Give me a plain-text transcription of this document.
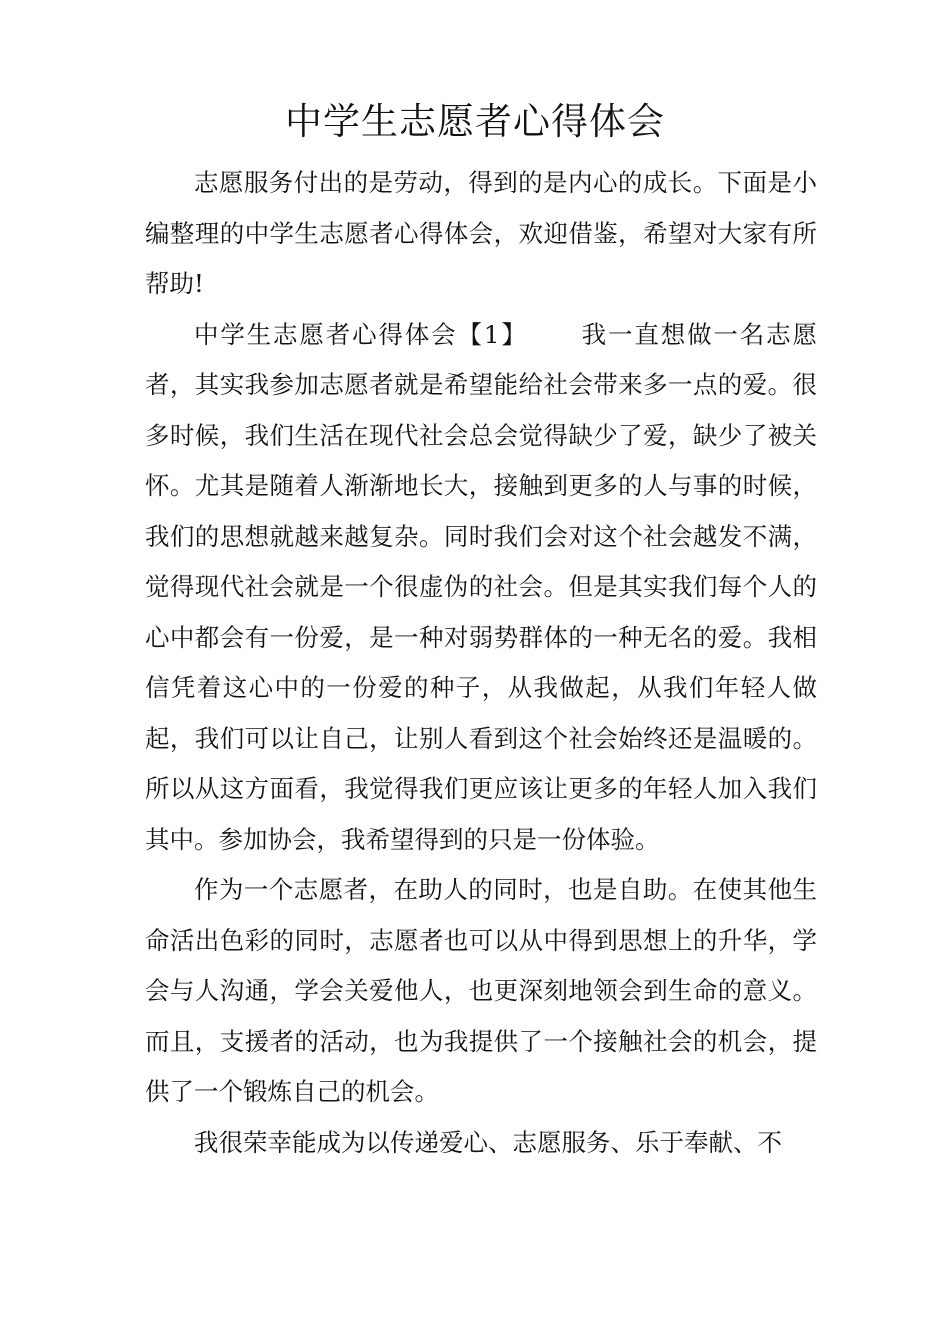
中学生志愿者心得体会

志愿服务付出的是劳动，得到的是内心的成长。下面是小编整理的中学生志愿者心得体会，欢迎借鉴，希望对大家有所帮助!

中学生志愿者心得体会【1】 我一直想做一名志愿者，其实我参加志愿者就是希望能给社会带来多一点的爱。很多时候，我们生活在现代社会总会觉得缺少了爱，缺少了被关怀。尤其是随着人渐渐地长大，接触到更多的人与事的时候，我们的思想就越来越复杂。同时我们会对这个社会越发不满，觉得现代社会就是一个很虚伪的社会。但是其实我们每个人的心中都会有一份爱，是一种对弱势群体的一种无名的爱。我相信凭着这心中的一份爱的种子，从我做起，从我们年轻人做起，我们可以让自己，让别人看到这个社会始终还是温暖的。所以从这方面看，我觉得我们更应该让更多的年轻人加入我们其中。参加协会，我希望得到的只是一份体验。

作为一个志愿者，在助人的同时，也是自助。在使其他生命活出色彩的同时，志愿者也可以从中得到思想上的升华，学会与人沟通，学会关爱他人，也更深刻地领会到生命的意义。而且，支援者的活动，也为我提供了一个接触社会的机会，提供了一个锻炼自己的机会。

我很荣幸能成为以传递爱心、志愿服务、乐于奉献、不
